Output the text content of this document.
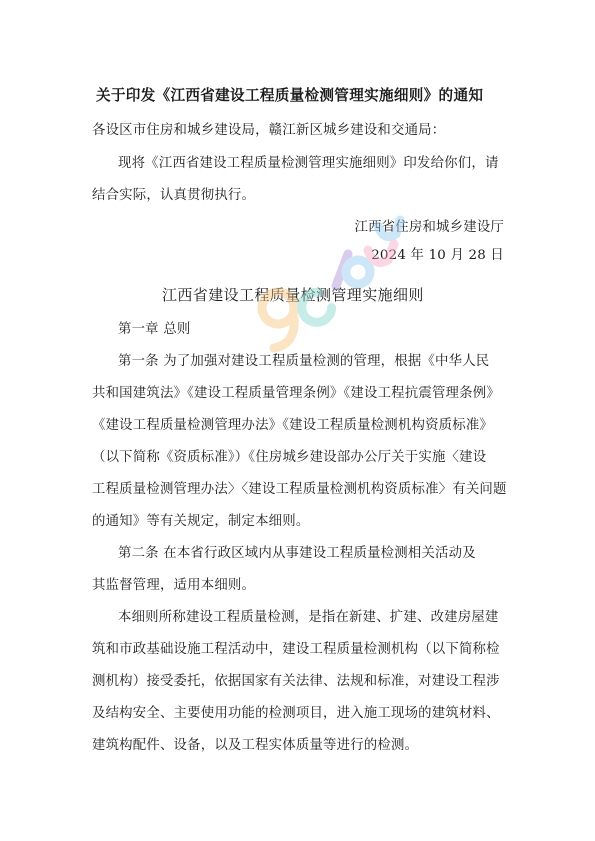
关于印发《江西省建设工程质量检测管理实施细则》的通知
各设区市住房和城乡建设局，赣江新区城乡建设和交通局：
现将《江西省建设工程质量检测管理实施细则》印发给你们，请
结合实际，认真贯彻执行。
江西省住房和城乡建设厅
2024 年 10 月 28 日
江西省建设工程质量检测管理实施细则
第一章 总则
第一条 为了加强对建设工程质量检测的管理，根据《中华人民
共和国建筑法》《建设工程质量管理条例》《建设工程抗震管理条例》
《建设工程质量检测管理办法》《建设工程质量检测机构资质标准》
（以下简称《资质标准》）《住房城乡建设部办公厅关于实施〈建设
工程质量检测管理办法〉〈建设工程质量检测机构资质标准〉有关问题
的通知》等有关规定，制定本细则。
第二条 在本省行政区域内从事建设工程质量检测相关活动及
其监督管理，适用本细则。
本细则所称建设工程质量检测，是指在新建、扩建、改建房屋建
筑和市政基础设施工程活动中，建设工程质量检测机构（以下简称检
测机构）接受委托，依据国家有关法律、法规和标准，对建设工程涉
及结构安全、主要使用功能的检测项目，进入施工现场的建筑材料、
建筑构配件、设备，以及工程实体质量等进行的检测。
